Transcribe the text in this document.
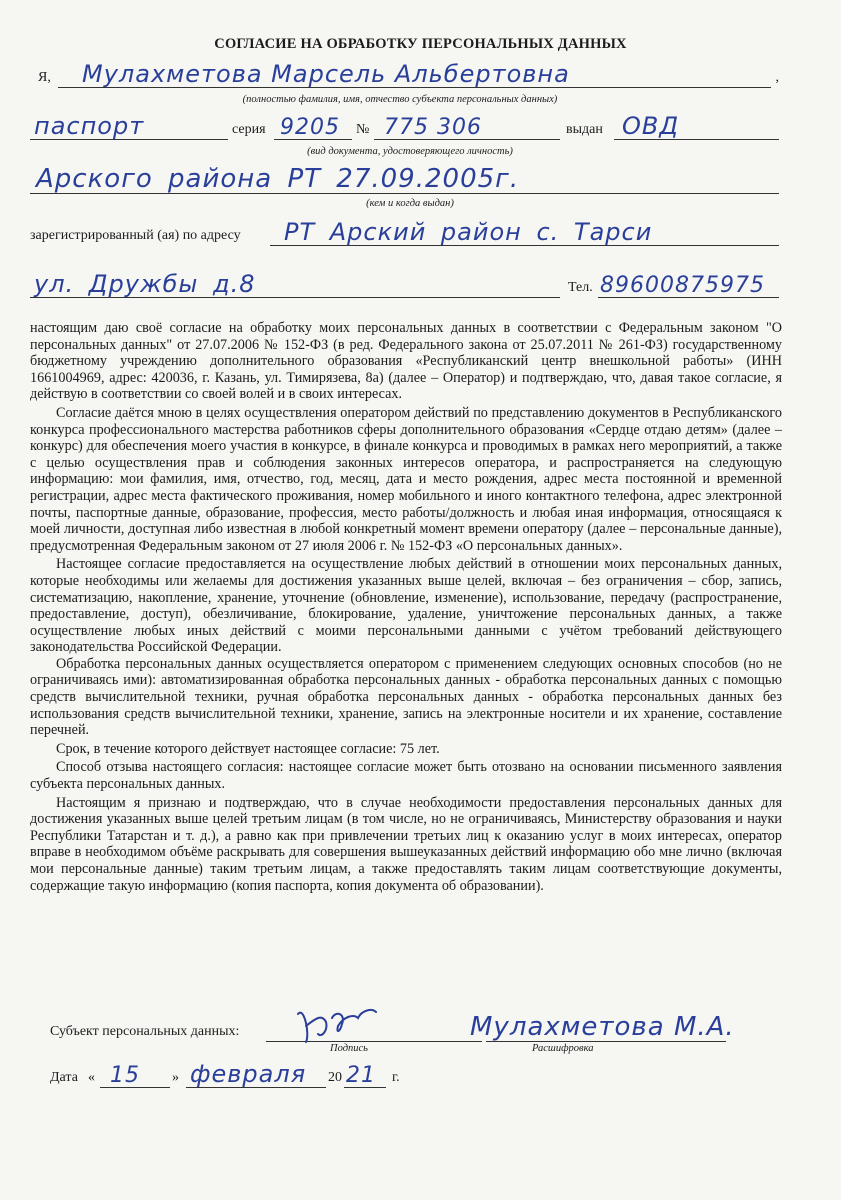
СОГЛАСИЕ НА ОБРАБОТКУ ПЕРСОНАЛЬНЫХ ДАННЫХ
Я, Мулахметова Марсель Альбертовна	,
(полностью фамилия, имя, отчество субъекта персональных данных)
паспорт	серия 9205 № 775 306	выдан ОВД
(вид документа, удостоверяющего личность)
Арского района РТ 27.09.2005г.
(кем и когда выдан)
зарегистрированный (ая) по адресу РТ Арский район с. Тарси
ул. Дружбы д.8	Тел. 89600875975

настоящим даю своё согласие на обработку моих персональных данных в соответствии с Федеральным законом "О персональных данных" от 27.07.2006 № 152-ФЗ (в ред. Федерального закона от 25.07.2011 № 261-ФЗ) государственному бюджетному учреждению дополнительного образования «Республиканский центр внешкольной работы» (ИНН 1661004969, адрес: 420036, г. Казань, ул. Тимирязева, 8а) (далее – Оператор) и подтверждаю, что, давая такое согласие, я действую в соответствии со своей волей и в своих интересах.

Согласие даётся мною в целях осуществления оператором действий по представлению документов в Республиканского конкурса профессионального мастерства работников сферы дополнительного образования «Сердце отдаю детям» (далее – конкурс) для обеспечения моего участия в конкурсе, в финале конкурса и проводимых в рамках него мероприятий, а также с целью осуществления прав и соблюдения законных интересов оператора, и распространяется на следующую информацию: мои фамилия, имя, отчество, год, месяц, дата и место рождения, адрес места постоянной и временной регистрации, адрес места фактического проживания, номер мобильного и иного контактного телефона, адрес электронной почты, паспортные данные, образование, профессия, место работы/должность и любая иная информация, относящаяся к моей личности, доступная либо известная в любой конкретный момент времени оператору (далее – персональные данные), предусмотренная Федеральным законом от 27 июля 2006 г. № 152-ФЗ «О персональных данных».

Настоящее согласие предоставляется на осуществление любых действий в отношении моих персональных данных, которые необходимы или желаемы для достижения указанных выше целей, включая – без ограничения – сбор, запись, систематизацию, накопление, хранение, уточнение (обновление, изменение), использование, передачу (распространение, предоставление, доступ), обезличивание, блокирование, удаление, уничтожение персональных данных, а также осуществление любых иных действий с моими персональными данными с учётом требований действующего законодательства Российской Федерации.

Обработка персональных данных осуществляется оператором с применением следующих основных способов (но не ограничиваясь ими): автоматизированная обработка персональных данных - обработка персональных данных с помощью средств вычислительной техники, ручная обработка персональных данных - обработка персональных данных без использования средств вычислительной техники, хранение, запись на электронные носители и их хранение, составление перечней.

Срок, в течение которого действует настоящее согласие: 75 лет.

Способ отзыва настоящего согласия: настоящее согласие может быть отозвано на основании письменного заявления субъекта персональных данных.

Настоящим я признаю и подтверждаю, что в случае необходимости предоставления персональных данных для достижения указанных выше целей третьим лицам (в том числе, но не ограничиваясь, Министерству образования и науки Республики Татарстан и т. д.), а равно как при привлечении третьих лиц к оказанию услуг в моих интересах, оператор вправе в необходимом объёме раскрывать для совершения вышеуказанных действий информацию обо мне лично (включая мои персональные данные) таким третьим лицам, а также предоставлять таким лицам соответствующие документы, содержащие такую информацию (копия паспорта, копия документа об образовании).

Субъект персональных данных:
Подпись
Мулахметова М.А.
Расшифровка
Дата « 15 » февраля 20 21 г.
